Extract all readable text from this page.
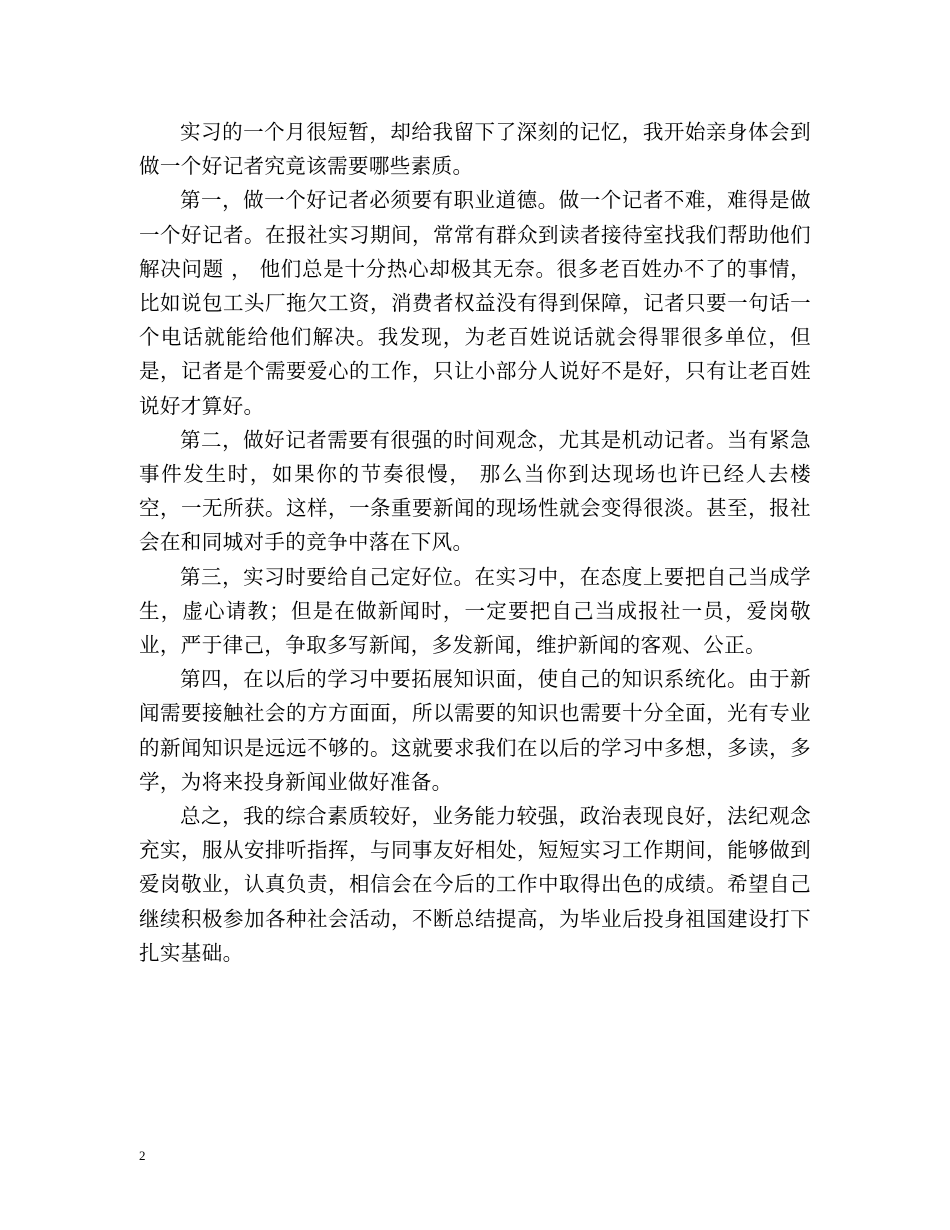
实习的一个月很短暂，却给我留下了深刻的记忆，我开始亲身体会到做一个好记者究竟该需要哪些素质。

第一，做一个好记者必须要有职业道德。做一个记者不难，难得是做一个好记者。在报社实习期间，常常有群众到读者接待室找我们帮助他们解决问题 ， 他们总是十分热心却极其无奈。很多老百姓办不了的事情，比如说包工头厂拖欠工资，消费者权益没有得到保障，记者只要一句话一个电话就能给他们解决。我发现，为老百姓说话就会得罪很多单位，但是，记者是个需要爱心的工作，只让小部分人说好不是好，只有让老百姓说好才算好。

第二，做好记者需要有很强的时间观念，尤其是机动记者。当有紧急事件发生时，如果你的节奏很慢， 那么当你到达现场也许已经人去楼空，一无所获。这样，一条重要新闻的现场性就会变得很淡。甚至，报社会在和同城对手的竞争中落在下风。

第三，实习时要给自己定好位。在实习中，在态度上要把自己当成学生，虚心请教；但是在做新闻时，一定要把自己当成报社一员，爱岗敬业，严于律己，争取多写新闻，多发新闻，维护新闻的客观、公正。

第四，在以后的学习中要拓展知识面，使自己的知识系统化。由于新闻需要接触社会的方方面面，所以需要的知识也需要十分全面，光有专业的新闻知识是远远不够的。这就要求我们在以后的学习中多想，多读，多学，为将来投身新闻业做好准备。

总之，我的综合素质较好，业务能力较强，政治表现良好，法纪观念充实，服从安排听指挥，与同事友好相处，短短实习工作期间，能够做到爱岗敬业，认真负责，相信会在今后的工作中取得出色的成绩。希望自己继续积极参加各种社会活动，不断总结提高，为毕业后投身祖国建设打下扎实基础。

2
